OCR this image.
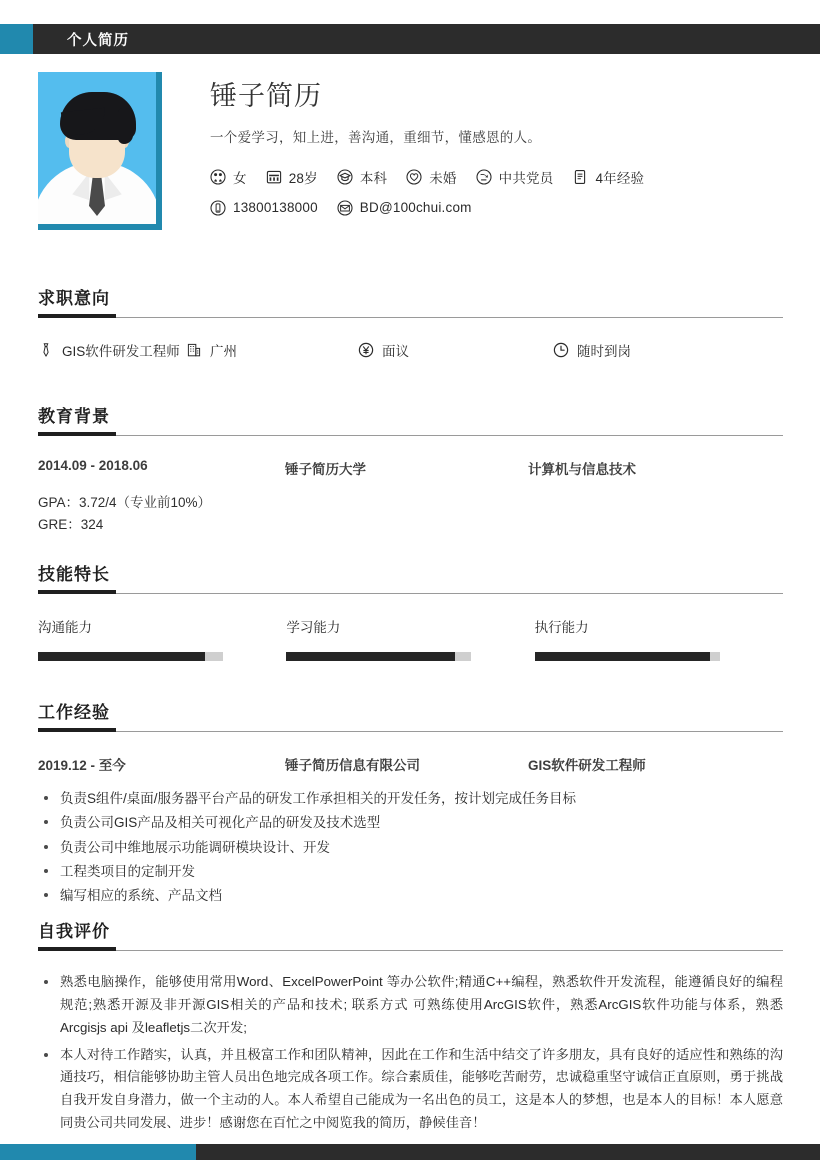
个人简历
锤子简历
一个爱学习，知上进，善沟通，重细节，懂感恩的人。
女	28岁	本科	未婚	中共党员	4年经验
13800138000	BD@100chui.com
求职意向
GIS软件研发工程师 广州	面议	随时到岗
教育背景
2014.09 - 2018.06	锤子简历大学	计算机与信息技术
GPA：3.72/4（专业前10%）
GRE：324
技能特长
沟通能力	学习能力	执行能力
工作经验
2019.12 - 至今	锤子简历信息有限公司	GIS软件研发工程师
负责S组件/桌面/服务器平台产品的研发工作承担相关的开发任务，按计划完成任务目标
负责公司GIS产品及相关可视化产品的研发及技术选型
负责公司中维地展示功能调研模块设计、开发
工程类项目的定制开发
编写相应的系统、产品文档
自我评价
熟悉电脑操作，能够使用常用Word、ExcelPowerPoint 等办公软件;精通C++编程，熟悉软件开发流程，能遵循良好的编程规范;熟悉开源及非开源GIS相关的产品和技术; 联系方式 可熟练使用ArcGIS软件，熟悉ArcGIS软件功能与体系，熟悉Arcgisjs api 及leafletjs二次开发;
本人对待工作踏实，认真，并且极富工作和团队精神，因此在工作和生活中结交了许多朋友，具有良好的适应性和熟练的沟通技巧，相信能够协助主管人员出色地完成各项工作。综合素质佳，能够吃苦耐劳，忠诚稳重坚守诚信正直原则，勇于挑战自我开发自身潜力，做一个主动的人。本人希望自己能成为一名出色的员工，这是本人的梦想，也是本人的目标！本人愿意同贵公司共同发展、进步！感谢您在百忙之中阅览我的简历，静候佳音！
